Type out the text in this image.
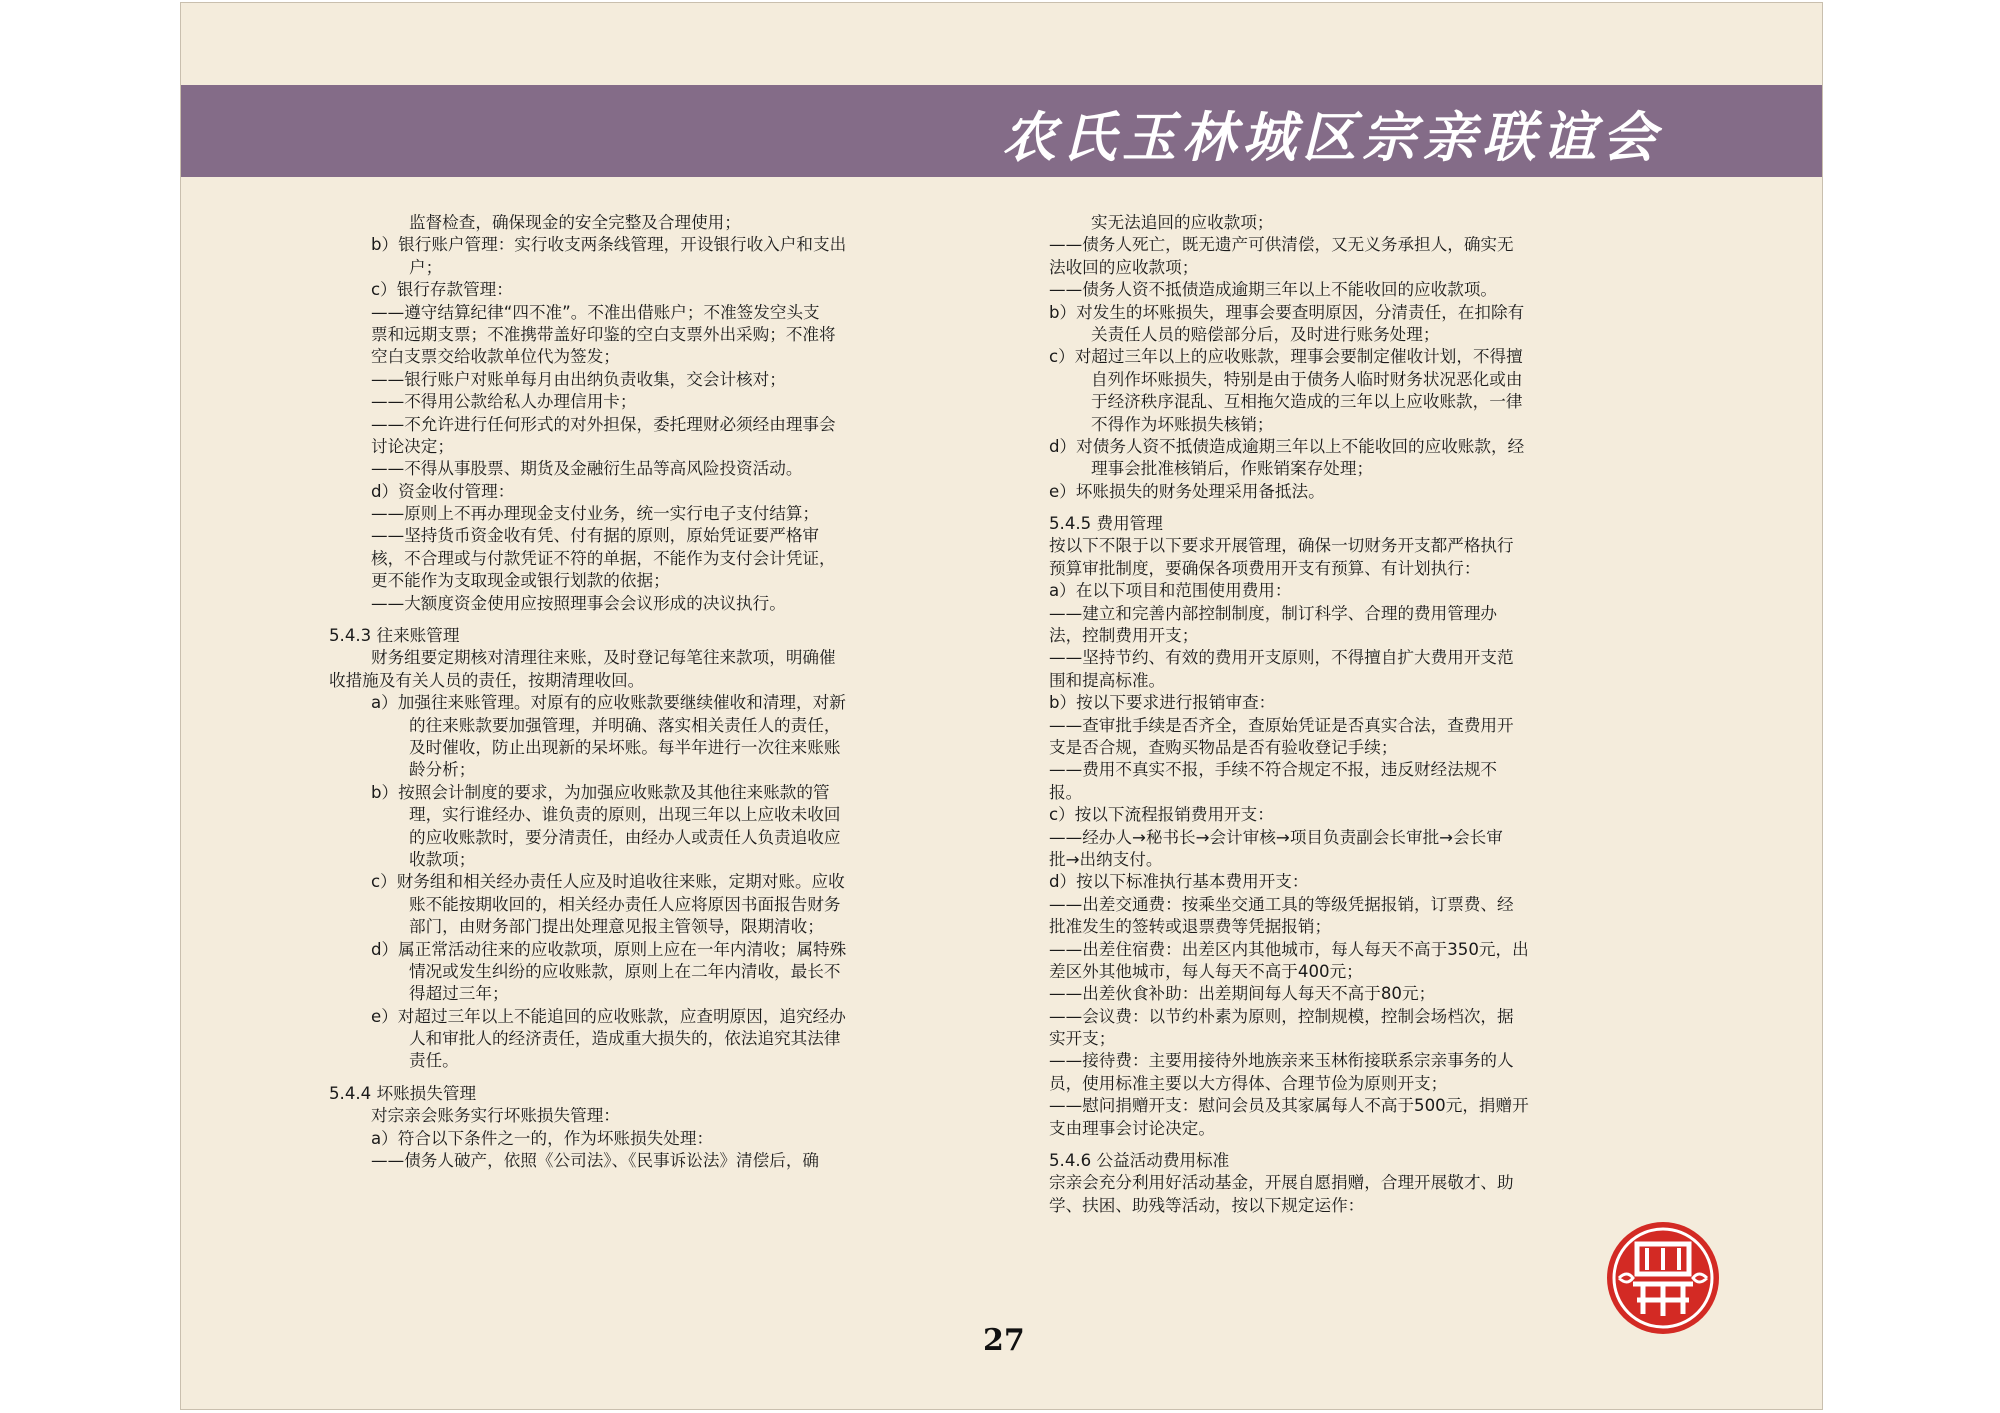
农氏玉林城区宗亲联谊会
监督检查，确保现金的安全完整及合理使用；
b）银行账户管理：实行收支两条线管理，开设银行收入户和支出
户；
c）银行存款管理：
——遵守结算纪律“四不准”。不准出借账户；不准签发空头支
票和远期支票；不准携带盖好印鉴的空白支票外出采购；不准将
空白支票交给收款单位代为签发；
——银行账户对账单每月由出纳负责收集，交会计核对；
——不得用公款给私人办理信用卡；
——不允许进行任何形式的对外担保，委托理财必须经由理事会
讨论决定；
——不得从事股票、期货及金融衍生品等高风险投资活动。
d）资金收付管理：
——原则上不再办理现金支付业务，统一实行电子支付结算；
——坚持货币资金收有凭、付有据的原则，原始凭证要严格审
核，不合理或与付款凭证不符的单据，不能作为支付会计凭证，
更不能作为支取现金或银行划款的依据；
——大额度资金使用应按照理事会会议形成的决议执行。
5.4.3 往来账管理
财务组要定期核对清理往来账，及时登记每笔往来款项，明确催
收措施及有关人员的责任，按期清理收回。
a）加强往来账管理。对原有的应收账款要继续催收和清理，对新
的往来账款要加强管理，并明确、落实相关责任人的责任，
及时催收，防止出现新的呆坏账。每半年进行一次往来账账
龄分析；
b）按照会计制度的要求，为加强应收账款及其他往来账款的管
理，实行谁经办、谁负责的原则，出现三年以上应收未收回
的应收账款时，要分清责任，由经办人或责任人负责追收应
收款项；
c）财务组和相关经办责任人应及时追收往来账，定期对账。应收
账不能按期收回的，相关经办责任人应将原因书面报告财务
部门，由财务部门提出处理意见报主管领导，限期清收；
d）属正常活动往来的应收款项，原则上应在一年内清收；属特殊
情况或发生纠纷的应收账款，原则上在二年内清收，最长不
得超过三年；
e）对超过三年以上不能追回的应收账款，应查明原因，追究经办
人和审批人的经济责任，造成重大损失的，依法追究其法律
责任。
5.4.4 坏账损失管理
对宗亲会账务实行坏账损失管理：
a）符合以下条件之一的，作为坏账损失处理：
——债务人破产，依照《公司法》、《民事诉讼法》清偿后，确
实无法追回的应收款项；
——债务人死亡，既无遗产可供清偿，又无义务承担人，确实无
法收回的应收款项；
——债务人资不抵债造成逾期三年以上不能收回的应收款项。
b）对发生的坏账损失，理事会要查明原因，分清责任，在扣除有
关责任人员的赔偿部分后，及时进行账务处理；
c）对超过三年以上的应收账款，理事会要制定催收计划，不得擅
自列作坏账损失，特别是由于债务人临时财务状况恶化或由
于经济秩序混乱、互相拖欠造成的三年以上应收账款，一律
不得作为坏账损失核销；
d）对债务人资不抵债造成逾期三年以上不能收回的应收账款，经
理事会批准核销后，作账销案存处理；
e）坏账损失的财务处理采用备抵法。
5.4.5 费用管理
按以下不限于以下要求开展管理，确保一切财务开支都严格执行
预算审批制度，要确保各项费用开支有预算、有计划执行：
a）在以下项目和范围使用费用：
——建立和完善内部控制制度，制订科学、合理的费用管理办
法，控制费用开支；
——坚持节约、有效的费用开支原则，不得擅自扩大费用开支范
围和提高标准。
b）按以下要求进行报销审查：
——查审批手续是否齐全，查原始凭证是否真实合法，查费用开
支是否合规，查购买物品是否有验收登记手续；
——费用不真实不报，手续不符合规定不报，违反财经法规不
报。
c）按以下流程报销费用开支：
——经办人→秘书长→会计审核→项目负责副会长审批→会长审
批→出纳支付。
d）按以下标准执行基本费用开支：
——出差交通费：按乘坐交通工具的等级凭据报销，订票费、经
批准发生的签转或退票费等凭据报销；
——出差住宿费：出差区内其他城市，每人每天不高于350元，出
差区外其他城市，每人每天不高于400元；
——出差伙食补助：出差期间每人每天不高于80元；
——会议费：以节约朴素为原则，控制规模，控制会场档次，据
实开支；
——接待费：主要用接待外地族亲来玉林衔接联系宗亲事务的人
员，使用标准主要以大方得体、合理节俭为原则开支；
——慰问捐赠开支：慰问会员及其家属每人不高于500元，捐赠开
支由理事会讨论决定。
5.4.6 公益活动费用标准
宗亲会充分利用好活动基金，开展自愿捐赠，合理开展敬才、助
学、扶困、助残等活动，按以下规定运作：
27
